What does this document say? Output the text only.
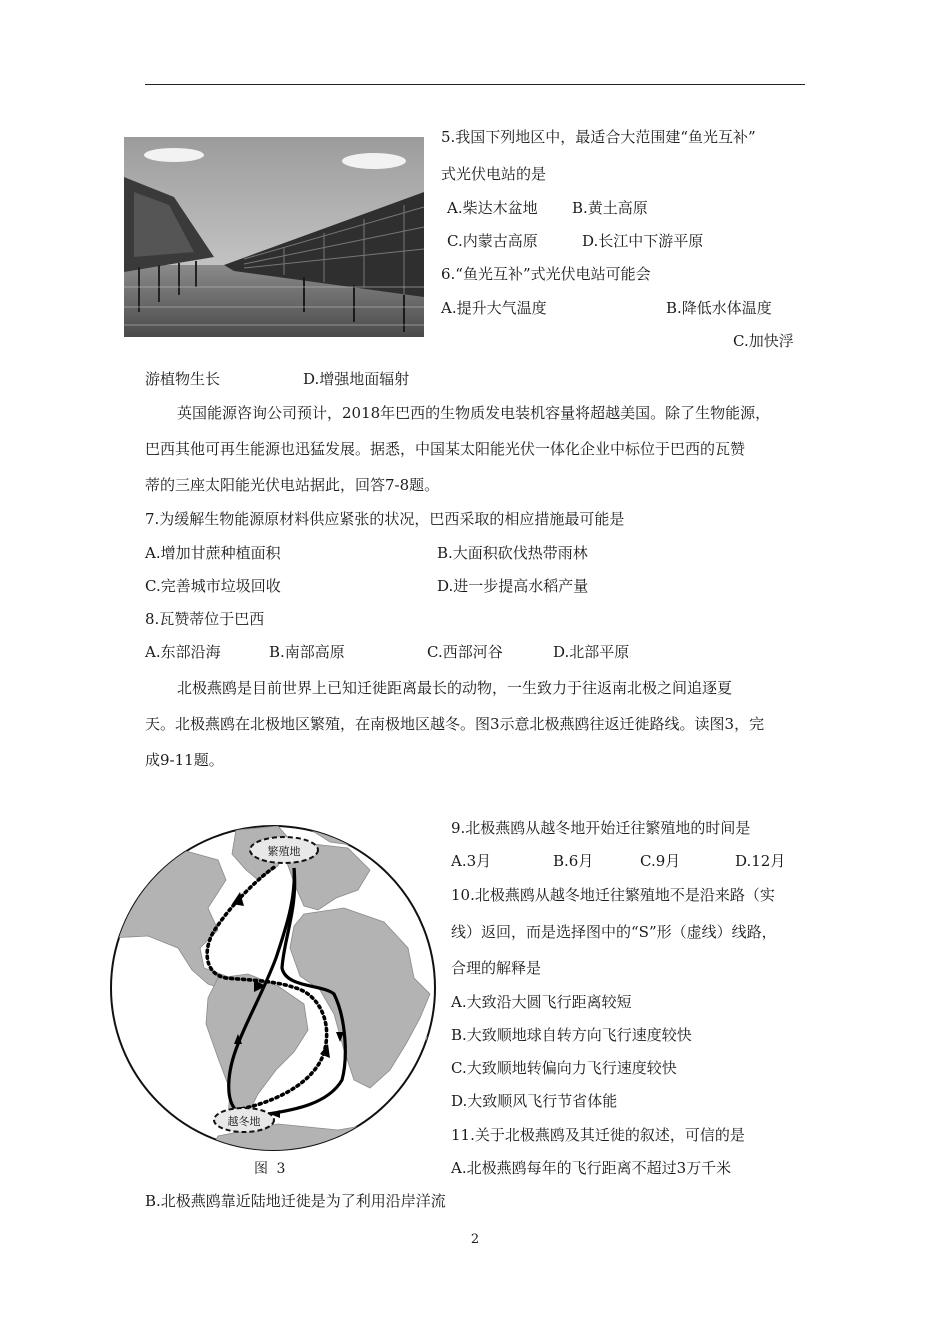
5.我国下列地区中，最适合大范围建“鱼光互补”
式光伏电站的是
A.柴达木盆地 B.黄土高原
C.内蒙古高原	D.长江中下游平原
6.“鱼光互补”式光伏电站可能会
A.提升大气温度	B.降低水体温度
C.加快浮
游植物生长	D.增强地面辐射
英国能源咨询公司预计，2018年巴西的生物质发电装机容量将超越美国。除了生物能源，
巴西其他可再生能源也迅猛发展。据悉，中国某太阳能光伏一体化企业中标位于巴西的瓦赞
蒂的三座太阳能光伏电站据此，回答7-8题。
7.为缓解生物能源原材料供应紧张的状况，巴西采取的相应措施最可能是
A.增加甘蔗种植面积	B.大面积砍伐热带雨林
C.完善城市垃圾回收	D.进一步提高水稻产量
8.瓦赞蒂位于巴西
A.东部沿海	B.南部高原	C.西部河谷	D.北部平原
北极燕鸥是目前世界上已知迁徙距离最长的动物，一生致力于往返南北极之间追逐夏
天。北极燕鸥在北极地区繁殖，在南极地区越冬。图3示意北极燕鸥往返迁徙路线。读图3，完
成9-11题。
繁殖地
越冬地
图 3
9.北极燕鸥从越冬地开始迁往繁殖地的时间是
A.3月	B.6月	C.9月	D.12月
10.北极燕鸥从越冬地迁往繁殖地不是沿来路（实
线）返回，而是选择图中的“S”形（虚线）线路，
合理的解释是
A.大致沿大圆飞行距离较短
B.大致顺地球自转方向飞行速度较快
C.大致顺地转偏向力飞行速度较快
D.大致顺风飞行节省体能
11.关于北极燕鸥及其迁徙的叙述，可信的是
A.北极燕鸥每年的飞行距离不超过3万千米
B.北极燕鸥靠近陆地迁徙是为了利用沿岸洋流
2
